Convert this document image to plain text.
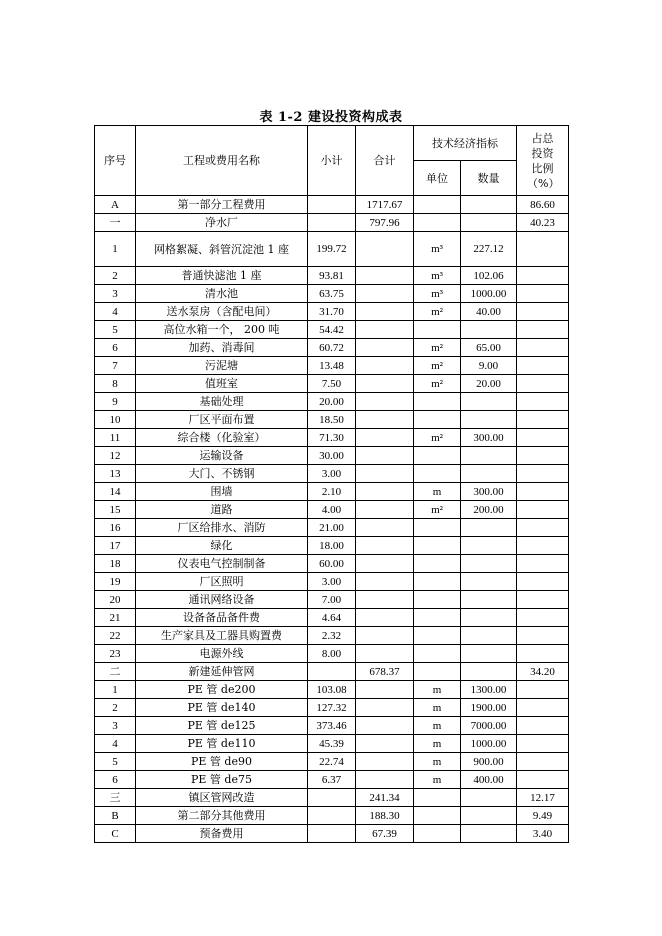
表 1-2 建设投资构成表
序号	工程或费用名称	小计	合计	技术经济指标		占总投资比例（%）
				单位	数量	
A	第一部分工程费用		1717.67			86.60
一	净水厂		797.96			40.23
1	网格絮凝、斜管沉淀池 1 座	199.72		m³	227.12	
2	普通快滤池 1 座	93.81		m³	102.06	
3	清水池	63.75		m³	1000.00	
4	送水泵房（含配电间）	31.70		m²	40.00	
5	高位水箱一个， 200 吨	54.42				
6	加药、消毒间	60.72		m²	65.00	
7	污泥塘	13.48		m²	9.00	
8	值班室	7.50		m²	20.00	
9	基础处理	20.00				
10	厂区平面布置	18.50				
11	综合楼（化验室）	71.30		m²	300.00	
12	运输设备	30.00				
13	大门、不锈钢	3.00				
14	围墙	2.10		m	300.00	
15	道路	4.00		m²	200.00	
16	厂区给排水、消防	21.00				
17	绿化	18.00				
18	仪表电气控制制备	60.00				
19	厂区照明	3.00				
20	通讯网络设备	7.00				
21	设备备品备件费	4.64				
22	生产家具及工器具购置费	2.32				
23	电源外线	8.00				
二	新建延伸管网		678.37			34.20
1	PE 管 de200	103.08		m	1300.00	
2	PE 管 de140	127.32		m	1900.00	
3	PE 管 de125	373.46		m	7000.00	
4	PE 管 de110	45.39		m	1000.00	
5	PE 管 de90	22.74		m	900.00	
6	PE 管 de75	6.37		m	400.00	
三	镇区管网改造		241.34			12.17
B	第二部分其他费用		188.30			9.49
C	预备费用		67.39			3.40
